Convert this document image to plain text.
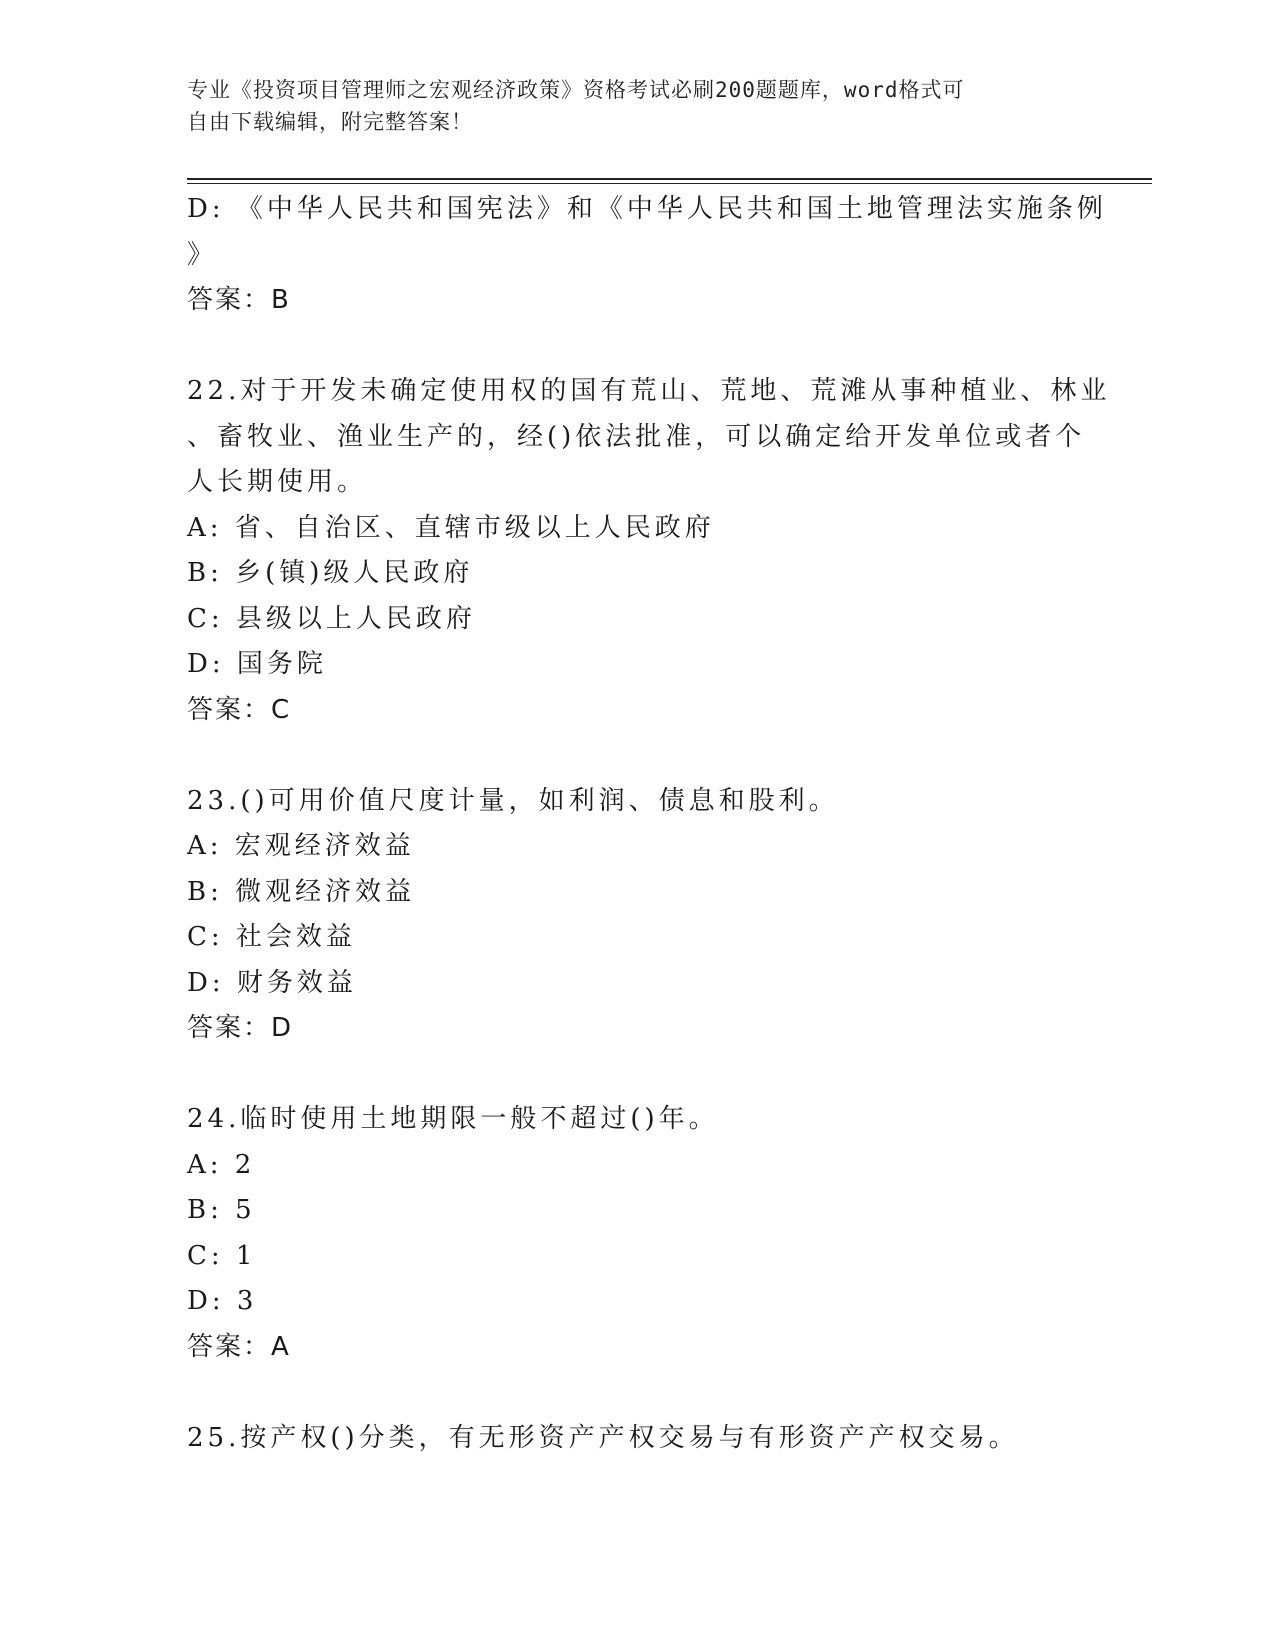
专业《投资项目管理师之宏观经济政策》资格考试必刷200题题库，word格式可
自由下载编辑，附完整答案！
D: 《中华人民共和国宪法》和《中华人民共和国土地管理法实施条例
》
答案：B
22.对于开发未确定使用权的国有荒山、荒地、荒滩从事种植业、林业
、畜牧业、渔业生产的，经()依法批准，可以确定给开发单位或者个
人长期使用。
A: 省、自治区、直辖市级以上人民政府
B: 乡(镇)级人民政府
C: 县级以上人民政府
D: 国务院
答案：C
23.()可用价值尺度计量，如利润、债息和股利。
A: 宏观经济效益
B: 微观经济效益
C: 社会效益
D: 财务效益
答案：D
24.临时使用土地期限一般不超过()年。
A: 2
B: 5
C: 1
D: 3
答案：A
25.按产权()分类，有无形资产产权交易与有形资产产权交易。
